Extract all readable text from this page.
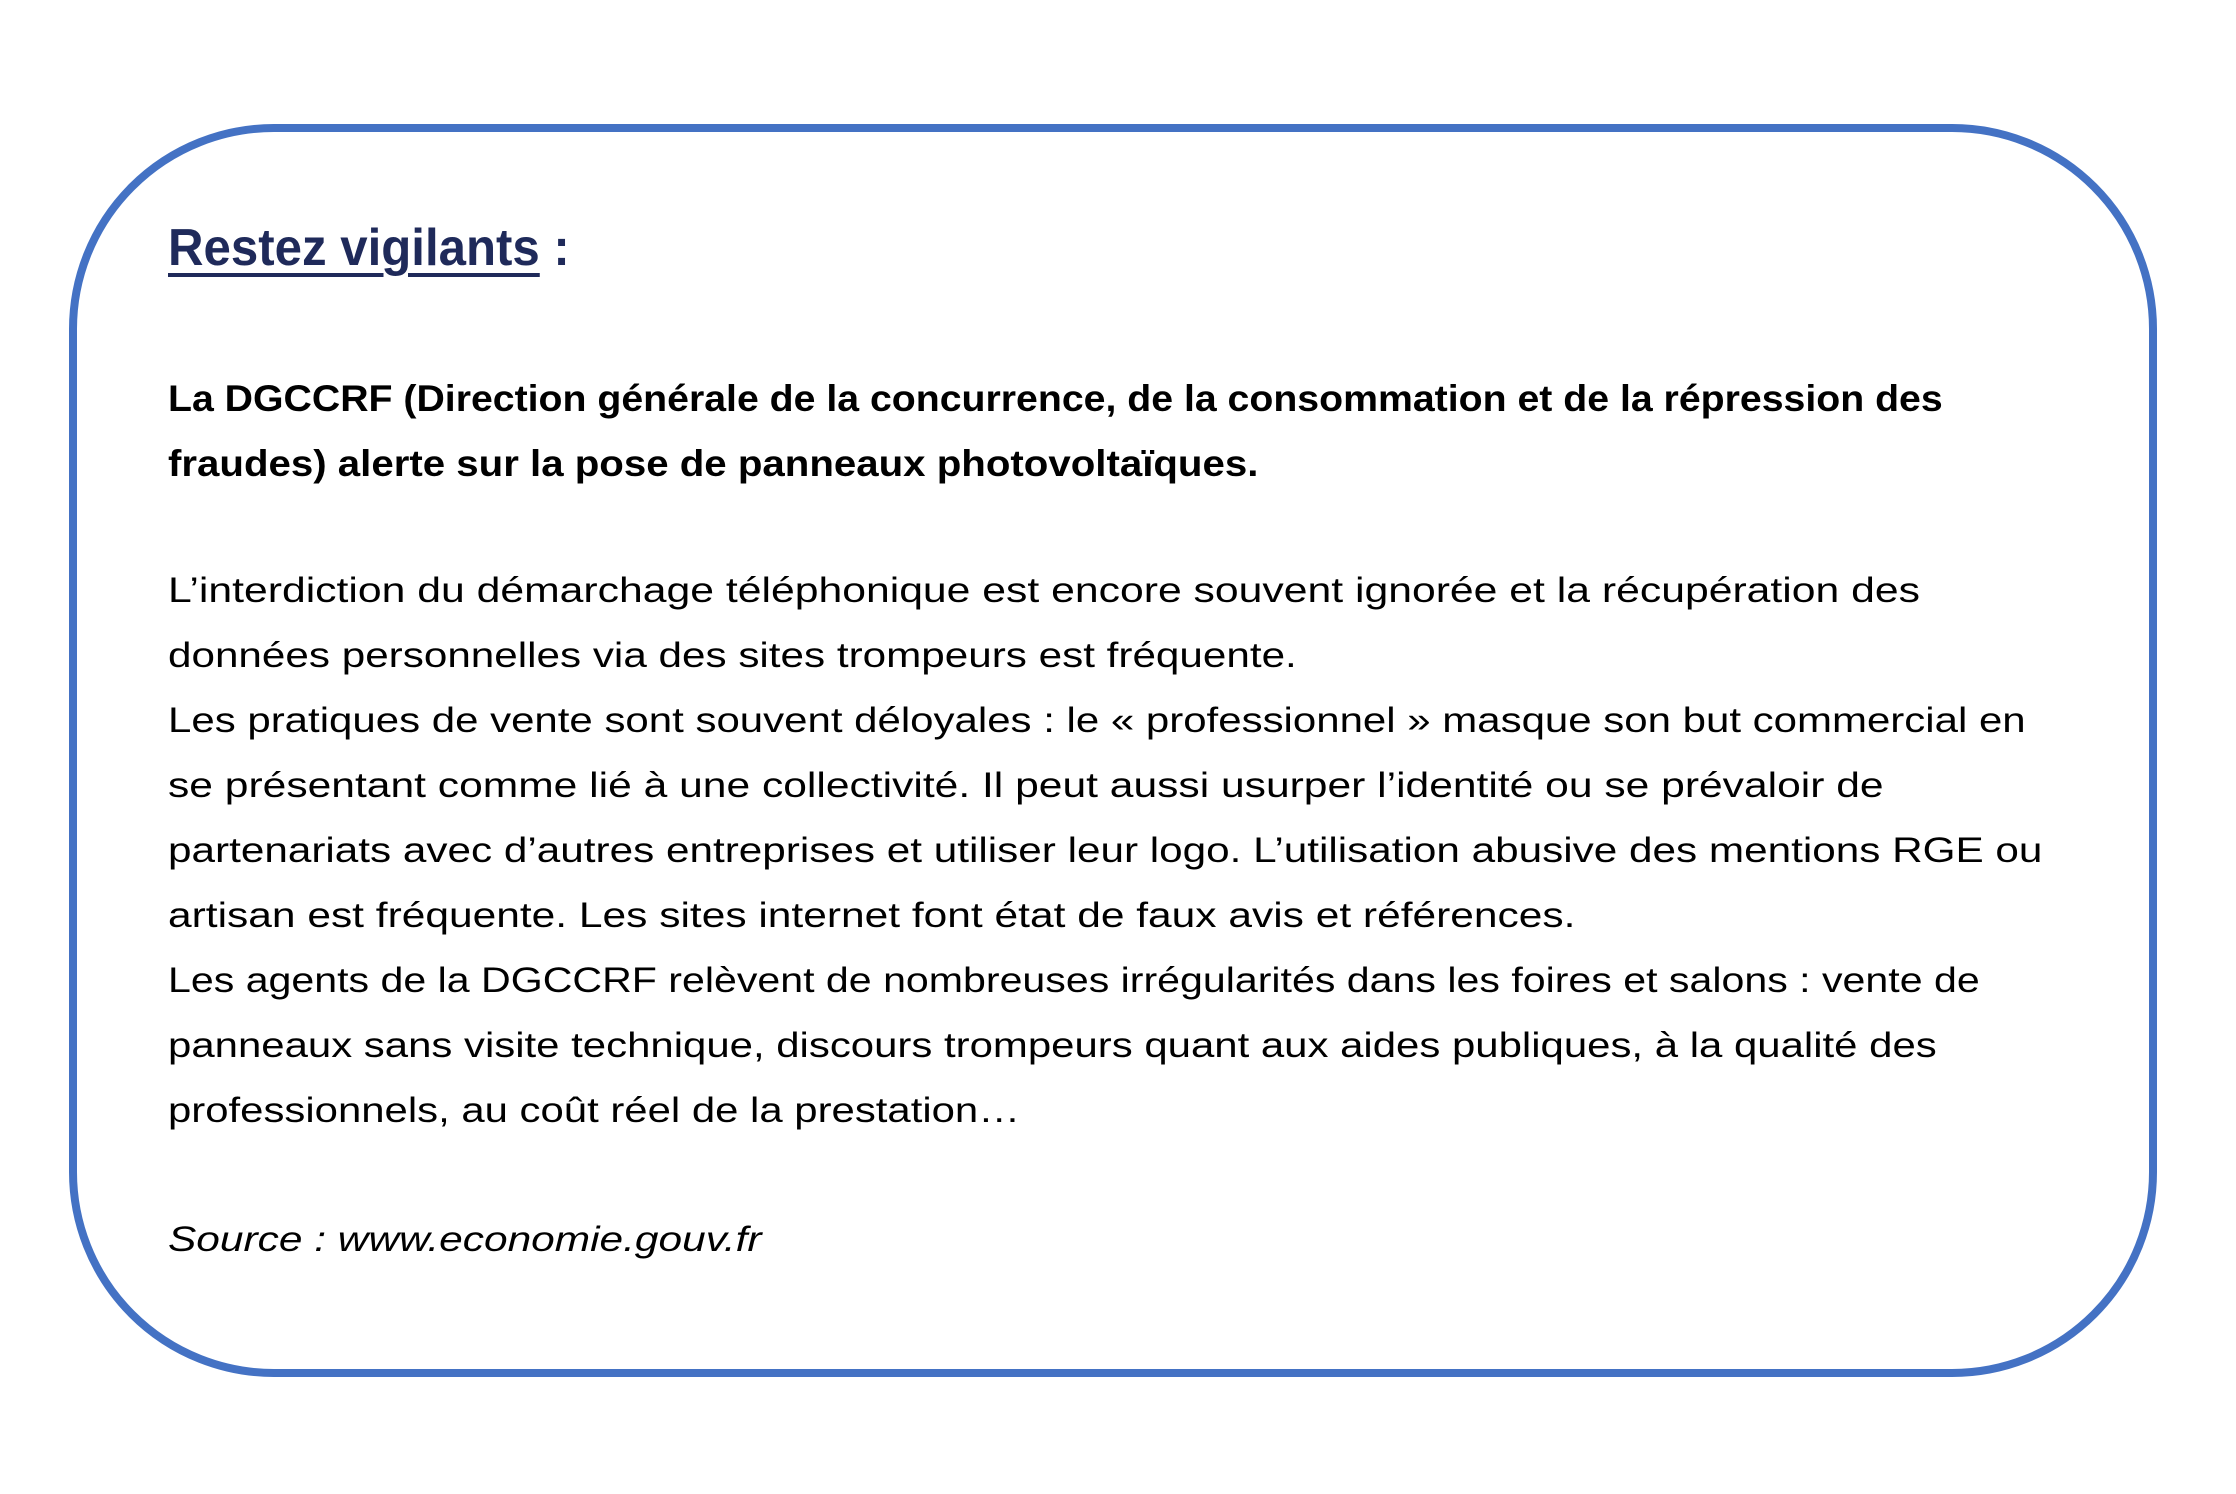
Restez vigilants :
La DGCCRF (Direction générale de la concurrence, de la consommation et de la répression des
fraudes) alerte sur la pose de panneaux photovoltaïques.
L’interdiction du démarchage téléphonique est encore souvent ignorée et la récupération des
données personnelles via des sites trompeurs est fréquente.
Les pratiques de vente sont souvent déloyales : le « professionnel » masque son but commercial en
se présentant comme lié à une collectivité. Il peut aussi usurper l’identité ou se prévaloir de
partenariats avec d’autres entreprises et utiliser leur logo. L’utilisation abusive des mentions RGE ou
artisan est fréquente. Les sites internet font état de faux avis et références.
Les agents de la DGCCRF relèvent de nombreuses irrégularités dans les foires et salons : vente de
panneaux sans visite technique, discours trompeurs quant aux aides publiques, à la qualité des
professionnels, au coût réel de la prestation…
Source : www.economie.gouv.fr
